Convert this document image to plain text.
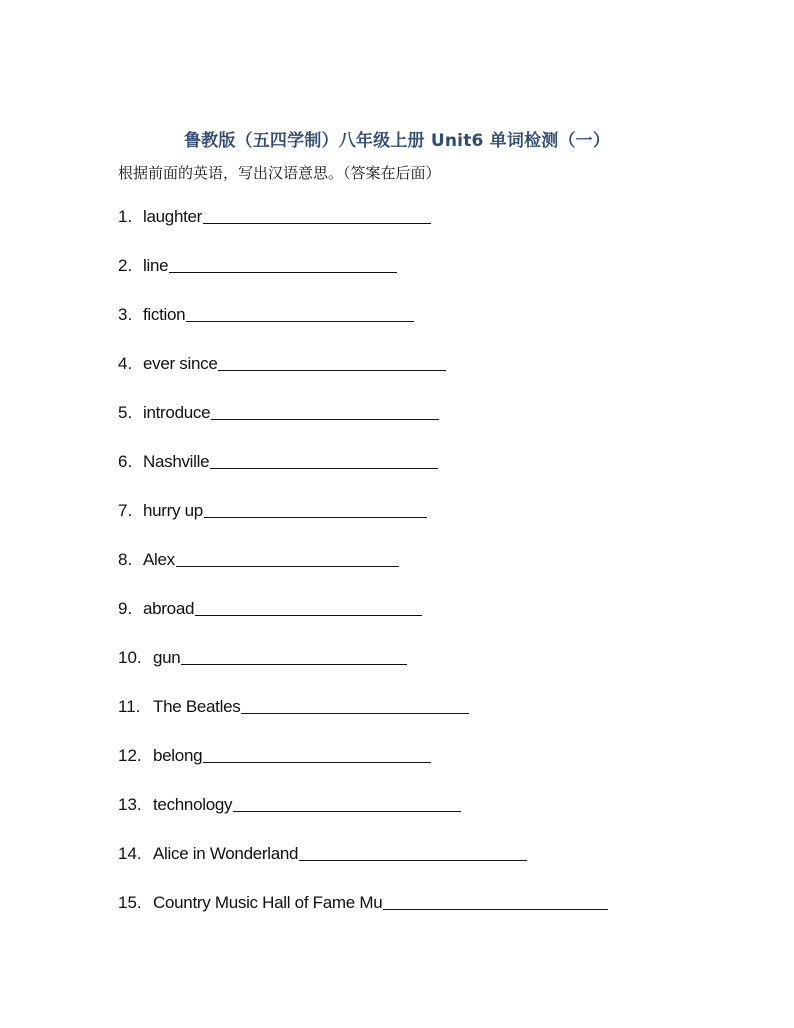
鲁教版（五四学制）八年级上册 Unit6 单词检测（一）
根据前面的英语，写出汉语意思。（答案在后面）
1. laughter
2. line
3. fiction
4. ever since
5. introduce
6. Nashville
7. hurry up
8. Alex
9. abroad
10. gun
11. The Beatles
12. belong
13. technology
14. Alice in Wonderland
15. Country Music Hall of Fame Mu
